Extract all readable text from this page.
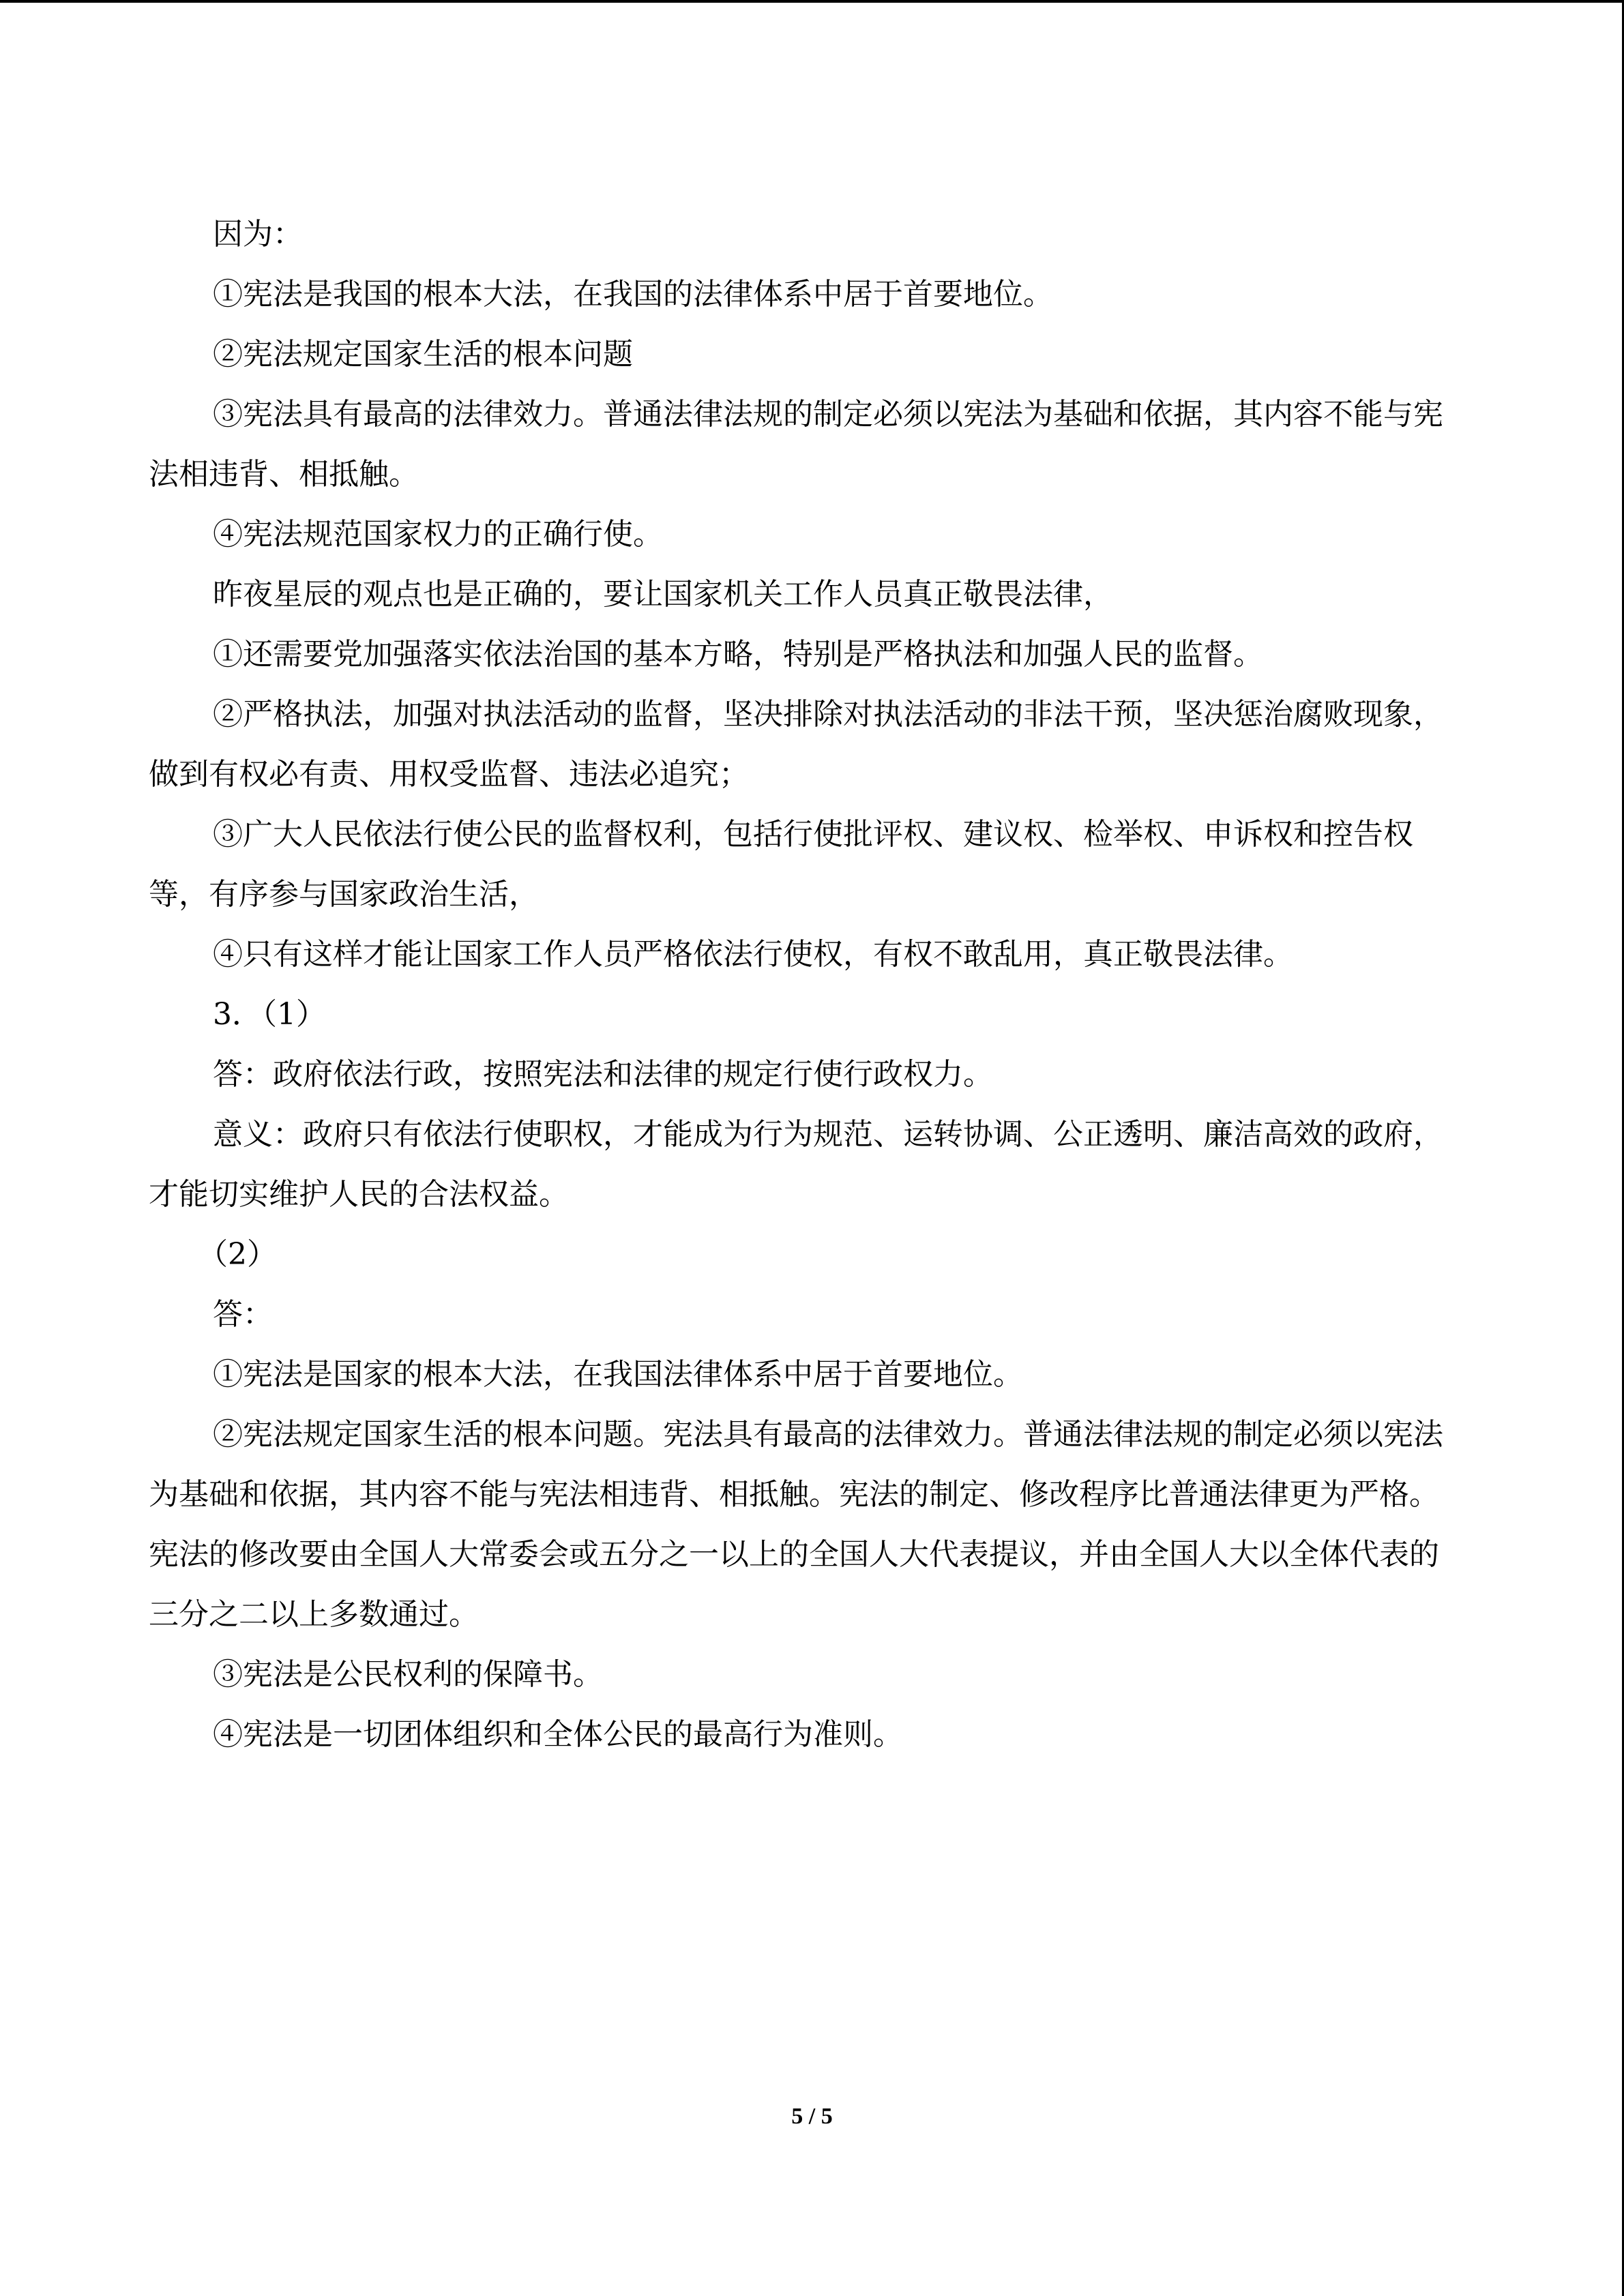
因为：

①宪法是我国的根本大法，在我国的法律体系中居于首要地位。

②宪法规定国家生活的根本问题

③宪法具有最高的法律效力。普通法律法规的制定必须以宪法为基础和依据，其内容不能与宪法相违背、相抵触。

④宪法规范国家权力的正确行使。

昨夜星辰的观点也是正确的，要让国家机关工作人员真正敬畏法律，

①还需要党加强落实依法治国的基本方略，特别是严格执法和加强人民的监督。

②严格执法，加强对执法活动的监督，坚决排除对执法活动的非法干预，坚决惩治腐败现象，做到有权必有责、用权受监督、违法必追究；

③广大人民依法行使公民的监督权利，包括行使批评权、建议权、检举权、申诉权和控告权等，有序参与国家政治生活，

④只有这样才能让国家工作人员严格依法行使权，有权不敢乱用，真正敬畏法律。

3．（1）

答：政府依法行政，按照宪法和法律的规定行使行政权力。

意义：政府只有依法行使职权，才能成为行为规范、运转协调、公正透明、廉洁高效的政府，才能切实维护人民的合法权益。

（2）

答：

①宪法是国家的根本大法，在我国法律体系中居于首要地位。

②宪法规定国家生活的根本问题。宪法具有最高的法律效力。普通法律法规的制定必须以宪法为基础和依据，其内容不能与宪法相违背、相抵触。宪法的制定、修改程序比普通法律更为严格。宪法的修改要由全国人大常委会或五分之一以上的全国人大代表提议，并由全国人大以全体代表的三分之二以上多数通过。

③宪法是公民权利的保障书。

④宪法是一切团体组织和全体公民的最高行为准则。

5 / 5
